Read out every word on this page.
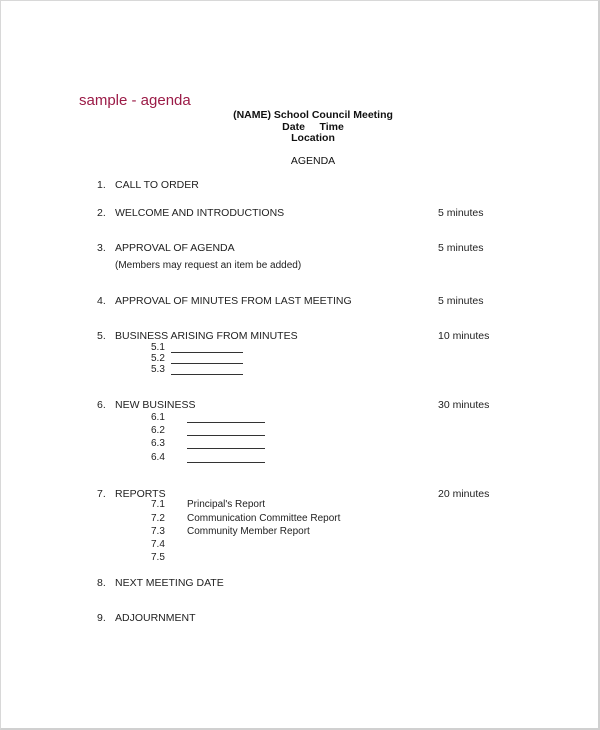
sample - agenda
(NAME) School Council Meeting
Date     Time
Location
AGENDA
1. CALL TO ORDER
2. WELCOME AND INTRODUCTIONS	5 minutes
3. APPROVAL OF AGENDA	5 minutes
(Members may request an item be added)
4. APPROVAL OF MINUTES FROM LAST MEETING	5 minutes
5. BUSINESS ARISING FROM MINUTES	10 minutes
5.1
5.2
5.3
6. NEW BUSINESS	30 minutes
6.1
6.2
6.3
6.4
7. REPORTS	20 minutes
7.1 Principal's Report
7.2 Communication Committee Report
7.3 Community Member Report
7.4
7.5
8. NEXT MEETING DATE
9. ADJOURNMENT
